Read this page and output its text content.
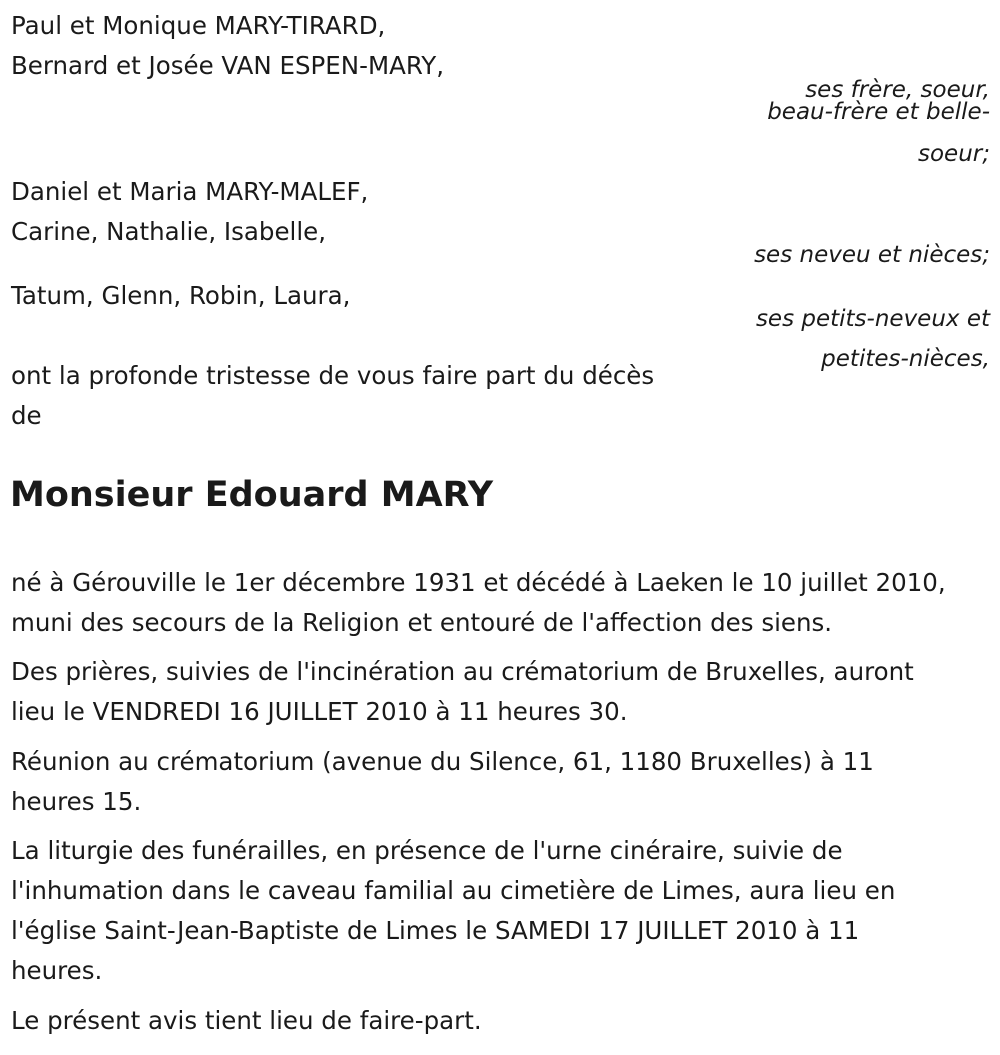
Paul et Monique MARY-TIRARD,
Bernard et Josée VAN ESPEN-MARY,
ses frère, soeur,
beau-frère et belle-
soeur;
Daniel et Maria MARY-MALEF,
Carine, Nathalie, Isabelle,
ses neveu et nièces;
Tatum, Glenn, Robin, Laura,
ses petits-neveux et
petites-nièces,
ont la profonde tristesse de vous faire part du décès
de
Monsieur Edouard MARY
né à Gérouville le 1er décembre 1931 et décédé à Laeken le 10 juillet 2010,
muni des secours de la Religion et entouré de l'affection des siens.
Des prières, suivies de l'incinération au crématorium de Bruxelles, auront
lieu le VENDREDI 16 JUILLET 2010 à 11 heures 30.
Réunion au crématorium (avenue du Silence, 61, 1180 Bruxelles) à 11
heures 15.
La liturgie des funérailles, en présence de l'urne cinéraire, suivie de
l'inhumation dans le caveau familial au cimetière de Limes, aura lieu en
l'église Saint-Jean-Baptiste de Limes le SAMEDI 17 JUILLET 2010 à 11
heures.
Le présent avis tient lieu de faire-part.
